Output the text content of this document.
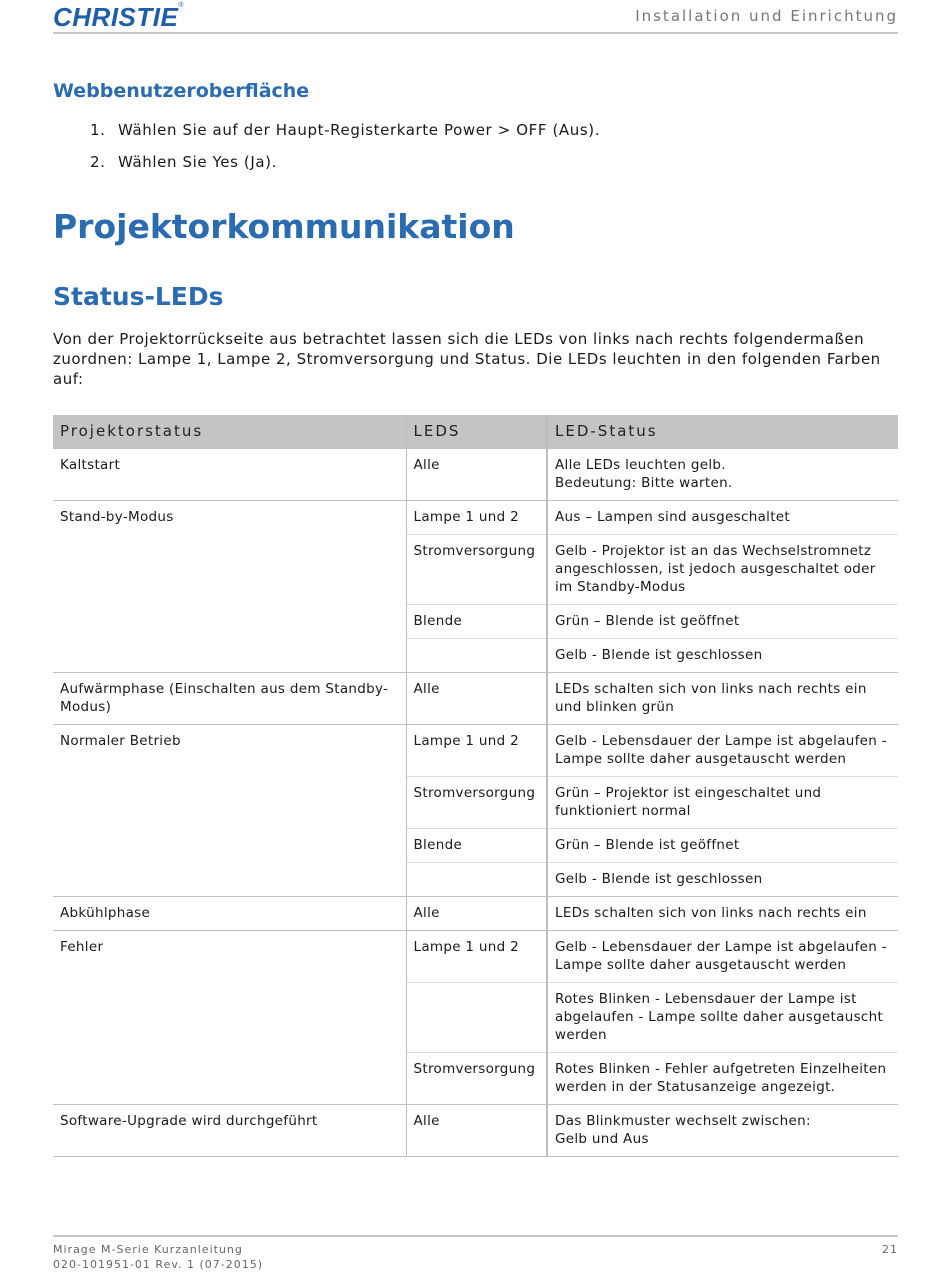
CHRISTIE®
Installation und Einrichtung
Webbenutzeroberfläche
1. Wählen Sie auf der Haupt-Registerkarte Power > OFF (Aus).
2. Wählen Sie Yes (Ja).
Projektorkommunikation
Status-LEDs

Von der Projektorrückseite aus betrachtet lassen sich die LEDs von links nach rechts folgendermaßen zuordnen: Lampe 1, Lampe 2, Stromversorgung und Status. Die LEDs leuchten in den folgenden Farben auf:

Projektorstatus	LEDS	LED-Status
Kaltstart	Alle	Alle LEDs leuchten gelb.
Bedeutung: Bitte warten.
Stand-by-Modus	Lampe 1 und 2	Aus – Lampen sind ausgeschaltet
	Stromversorgung	Gelb - Projektor ist an das Wechselstromnetz angeschlossen, ist jedoch ausgeschaltet oder im Standby-Modus
	Blende	Grün – Blende ist geöffnet
		Gelb - Blende ist geschlossen
Aufwärmphase (Einschalten aus dem Standby-Modus)	Alle	LEDs schalten sich von links nach rechts ein und blinken grün
Normaler Betrieb	Lampe 1 und 2	Gelb - Lebensdauer der Lampe ist abgelaufen - Lampe sollte daher ausgetauscht werden
	Stromversorgung	Grün – Projektor ist eingeschaltet und funktioniert normal
	Blende	Grün – Blende ist geöffnet
		Gelb - Blende ist geschlossen
Abkühlphase	Alle	LEDs schalten sich von links nach rechts ein
Fehler	Lampe 1 und 2	Gelb - Lebensdauer der Lampe ist abgelaufen - Lampe sollte daher ausgetauscht werden
		Rotes Blinken - Lebensdauer der Lampe ist abgelaufen - Lampe sollte daher ausgetauscht werden
	Stromversorgung	Rotes Blinken - Fehler aufgetreten Einzelheiten werden in der Statusanzeige angezeigt.
Software-Upgrade wird durchgeführt	Alle	Das Blinkmuster wechselt zwischen:
Gelb und Aus
Mirage M-Serie Kurzanleitung
020-101951-01 Rev. 1 (07-2015)
21
